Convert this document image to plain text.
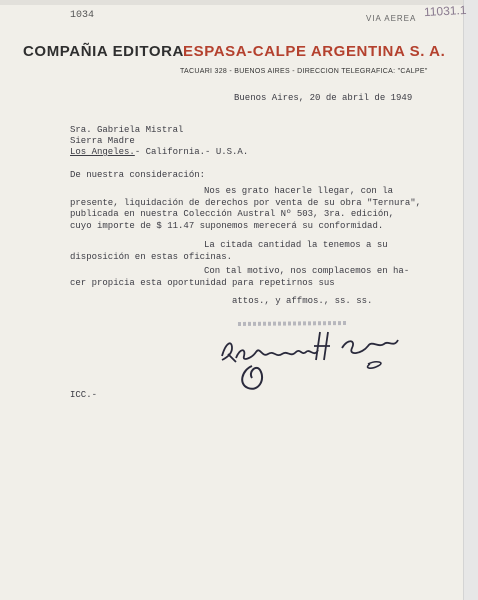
1034	VIA AEREA 11031.1
COMPAÑIA EDITORA ESPASA-CALPE ARGENTINA S. A.
TACUARI 328 - BUENOS AIRES - DIRECCION TELEGRAFICA: "CALPE"
Buenos Aires, 20 de abril de 1949
Sra. Gabriela Mistral
Sierra Madre
Los Angeles.- California.- U.S.A.
De nuestra consideración:
Nos es grato hacerle llegar, con la
presente, liquidación de derechos por venta de su obra "Ternura",
publicada en nuestra Colección Austral Nº 503, 3ra. edición,
cuyo importe de $ 11.47 suponemos merecerá su conformidad.
La citada cantidad la tenemos a su
disposición en estas oficinas.
Con tal motivo, nos complacemos en ha-
cer propicia esta oportunidad para repetirnos sus
attos., y affmos., ss. ss.
ICC.-
